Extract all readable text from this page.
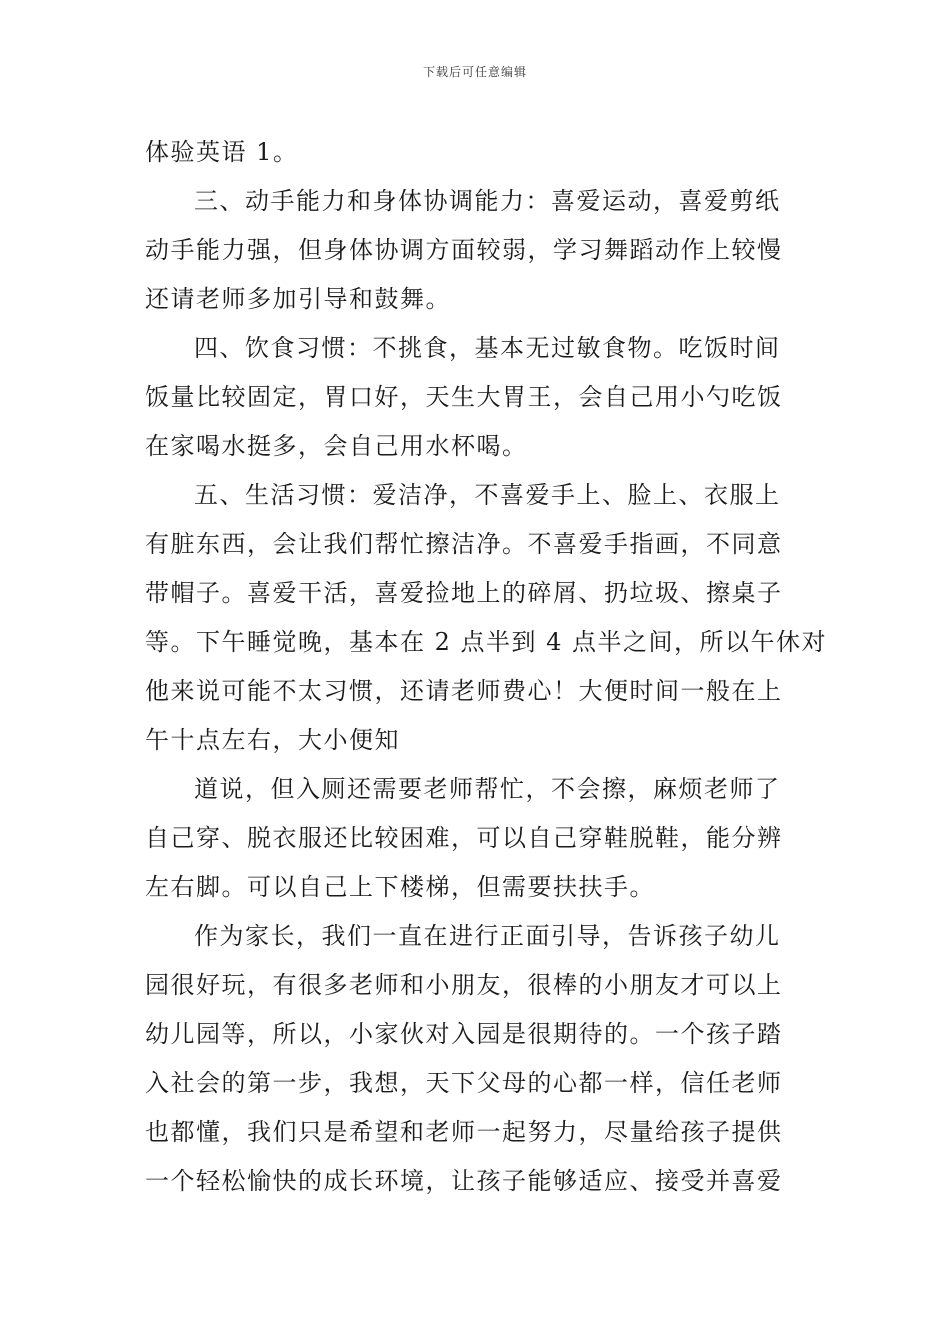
下载后可任意编辑
体验英语 1。
三、动手能力和身体协调能力：喜爱运动，喜爱剪纸
动手能力强，但身体协调方面较弱，学习舞蹈动作上较慢
还请老师多加引导和鼓舞。
四、饮食习惯：不挑食，基本无过敏食物。吃饭时间
饭量比较固定，胃口好，天生大胃王，会自己用小勺吃饭
在家喝水挺多，会自己用水杯喝。
五、生活习惯：爱洁净，不喜爱手上、脸上、衣服上
有脏东西，会让我们帮忙擦洁净。不喜爱手指画，不同意
带帽子。喜爱干活，喜爱捡地上的碎屑、扔垃圾、擦桌子
等。下午睡觉晚，基本在 2 点半到 4 点半之间，所以午休对
他来说可能不太习惯，还请老师费心！大便时间一般在上
午十点左右，大小便知
道说，但入厕还需要老师帮忙，不会擦，麻烦老师了
自己穿、脱衣服还比较困难，可以自己穿鞋脱鞋，能分辨
左右脚。可以自己上下楼梯，但需要扶扶手。
作为家长，我们一直在进行正面引导，告诉孩子幼儿
园很好玩，有很多老师和小朋友，很棒的小朋友才可以上
幼儿园等，所以，小家伙对入园是很期待的。一个孩子踏
入社会的第一步，我想，天下父母的心都一样，信任老师
也都懂，我们只是希望和老师一起努力，尽量给孩子提供
一个轻松愉快的成长环境，让孩子能够适应、接受并喜爱
